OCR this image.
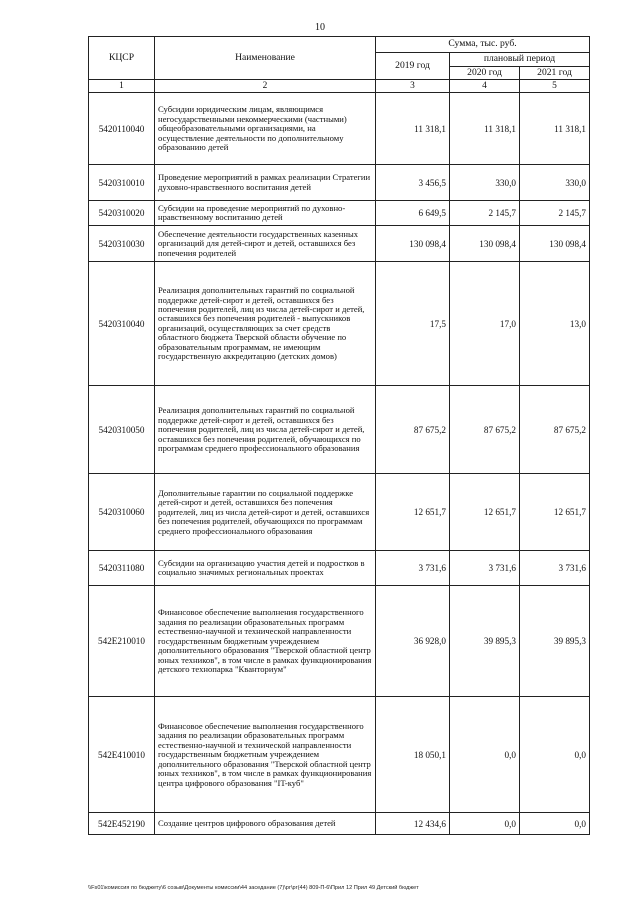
10
КЦСР	Наименование	Сумма, тыс. руб.		
		2019 год	плановый период	
			2020 год	2021 год
1	2	3	4	5
5420110040	Субсидии юридическим лицам, являющимся негосударственными некоммерческими (частными) общеобразовательными организациями, на осуществление деятельности по дополнительному образованию детей	11 318,1	11 318,1	11 318,1
5420310010	Проведение мероприятий в рамках реализации Стратегии духовно-нравственного воспитания детей	3 456,5	330,0	330,0
5420310020	Субсидии на проведение мероприятий по духовно-нравственному воспитанию детей	6 649,5	2 145,7	2 145,7
5420310030	Обеспечение деятельности государственных казенных организаций для детей-сирот и детей, оставшихся без попечения родителей	130 098,4	130 098,4	130 098,4
5420310040	Реализация дополнительных гарантий по социальной поддержке детей-сирот и детей, оставшихся без попечения родителей, лиц из числа детей-сирот и детей, оставшихся без попечения родителей - выпускников организаций, осуществляющих за счет средств областного бюджета Тверской области обучение по образовательным программам, не имеющим государственную аккредитацию (детских домов)	17,5	17,0	13,0
5420310050	Реализация дополнительных гарантий по социальной поддержке детей-сирот и детей, оставшихся без попечения родителей, лиц из числа детей-сирот и детей, оставшихся без попечения родителей, обучающихся по программам среднего профессионального образования	87 675,2	87 675,2	87 675,2
5420310060	Дополнительные гарантии по социальной поддержке детей-сирот и детей, оставшихся без попечения родителей, лиц из числа детей-сирот и детей, оставшихся без попечения родителей, обучающихся по программам среднего профессионального образования	12 651,7	12 651,7	12 651,7
5420311080	Субсидии на организацию участия детей и подростков в социально значимых региональных проектах	3 731,6	3 731,6	3 731,6
542Е210010	Финансовое обеспечение выполнения государственного задания по реализации образовательных программ естественно-научной и технической направленности государственным бюджетным учреждением дополнительного образования "Тверской областной центр юных техников", в том числе в рамках функционирования детского технопарка "Кванториум"	36 928,0	39 895,3	39 895,3
542Е410010	Финансовое обеспечение выполнения государственного задания по реализации образовательных программ естественно-научной и технической направленности государственным бюджетным учреждением дополнительного образования "Тверской областной центр юных техников", в том числе в рамках функционирования центра цифрового образования "IT-куб"	18 050,1	0,0	0,0
542Е452190	Создание центров цифрового образования детей	12 434,6	0,0	0,0
\\Fs01\комиссия по бюджету\6 созыв\Документы комиссии\44 заседание (7)\рг\рг(44) 809-П-6\Прил 12 Прил 49 Детский бюджет
